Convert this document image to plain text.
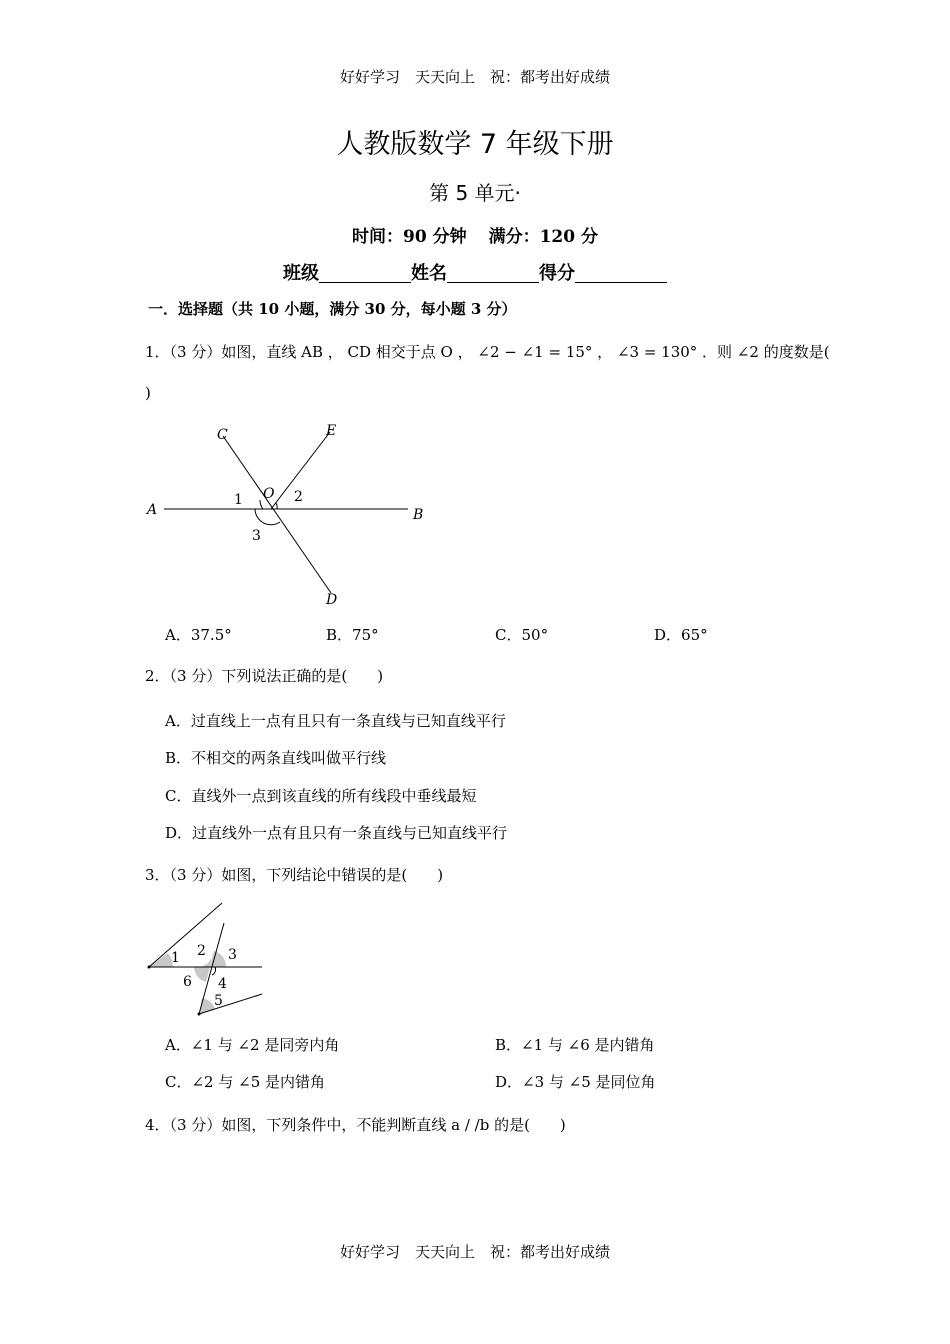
好好学习　天天向上　祝：都考出好成绩
人教版数学 7 年级下册
第 5 单元·
时间：90 分钟 满分：120 分
班级	姓名	得分
一．选择题（共 10 小题，满分 30 分，每小题 3 分）
1．（3 分）如图，直线 AB ， CD 相交于点 O ， ∠2 − ∠1 = 15° ， ∠3 = 130° ．则 ∠2 的度数是(
)
C	E
A	B
O
D
1	2
3
A．37.5°	B．75°	C．50°	D．65°
2．（3 分）下列说法正确的是(　　)
A．过直线上一点有且只有一条直线与已知直线平行
B．不相交的两条直线叫做平行线
C．直线外一点到该直线的所有线段中垂线最短
D．过直线外一点有且只有一条直线与已知直线平行
3．（3 分）如图，下列结论中错误的是(　　)
1 2 3
4
5
6
A．∠1 与 ∠2 是同旁内角	B．∠1 与 ∠6 是内错角
C．∠2 与 ∠5 是内错角	D．∠3 与 ∠5 是同位角
4．（3 分）如图，下列条件中，不能判断直线 a / /b 的是(　　)
好好学习　天天向上　祝：都考出好成绩
